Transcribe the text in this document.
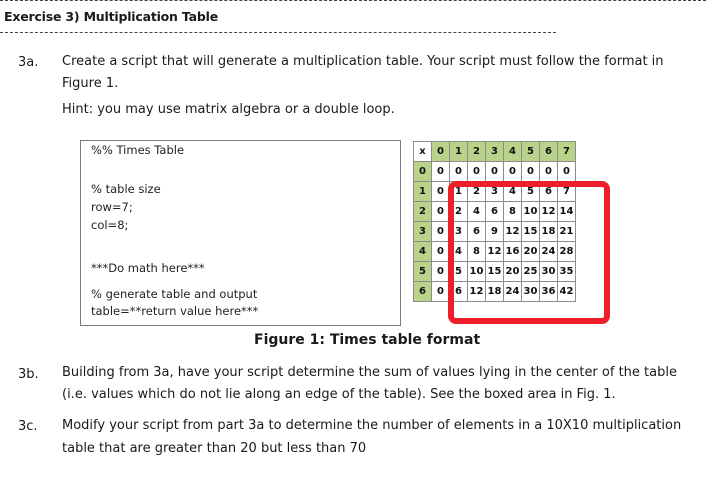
Exercise 3) Multiplication Table
3a. Create a script that will generate a multiplication table. Your script must follow the format in
Figure 1.
Hint: you may use matrix algebra or a double loop.
%% Times Table
% table size
row=7;
col=8;
***Do math here***
% generate table and output
table=**return value here***
x	0	1	2	3	4	5	6	7
0	0	0	0	0	0	0	0	0
1	0	1	2	3	4	5	6	7
2	0	2	4	6	8	10	12	14
3	0	3	6	9	12	15	18	21
4	0	4	8	12	16	20	24	28
5	0	5	10	15	20	25	30	35
6	0	6	12	18	24	30	36	42
Figure 1: Times table format
3b. Building from 3a, have your script determine the sum of values lying in the center of the table
(i.e. values which do not lie along an edge of the table). See the boxed area in Fig. 1.
3c. Modify your script from part 3a to determine the number of elements in a 10X10 multiplication
table that are greater than 20 but less than 70
